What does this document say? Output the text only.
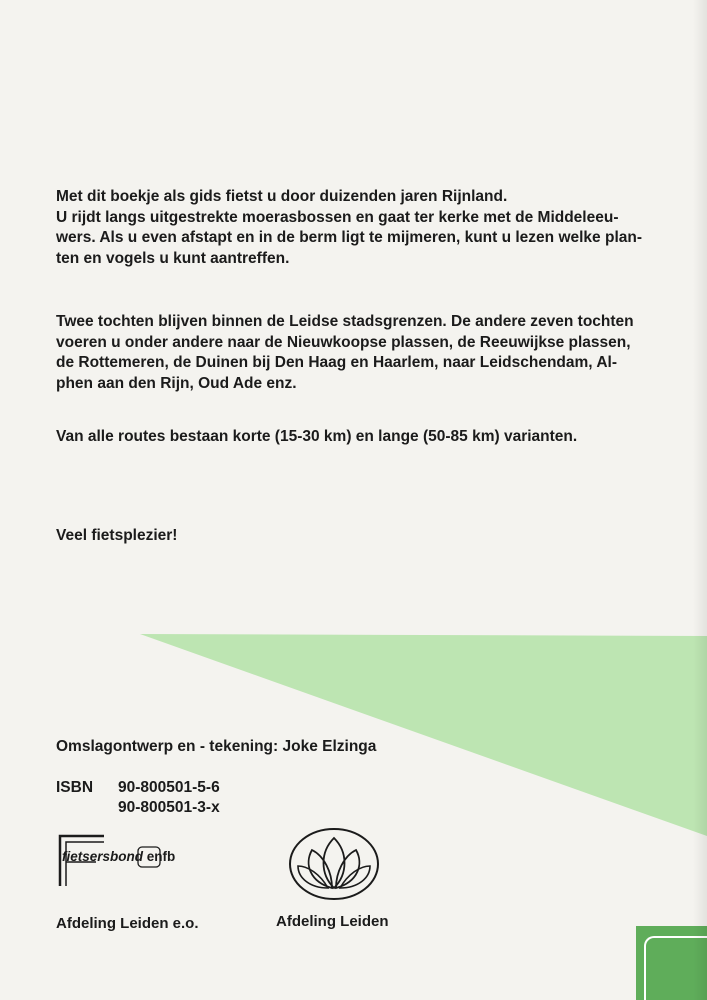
Met dit boekje als gids fietst u door duizenden jaren Rijnland.

U rijdt langs uitgestrekte moerasbossen en gaat ter kerke met de Middeleeu-

wers. Als u even afstapt en in de berm ligt te mijmeren, kunt u lezen welke plan-

ten en vogels u kunt aantreffen.

Twee tochten blijven binnen de Leidse stadsgrenzen. De andere zeven tochten

voeren u onder andere naar de Nieuwkoopse plassen, de Reeuwijkse plassen,

de Rottemeren, de Duinen bij Den Haag en Haarlem, naar Leidschendam, Al-

phen aan den Rijn, Oud Ade enz.

Van alle routes bestaan korte (15-30 km) en lange (50-85 km) varianten.

Veel fietsplezier!

Omslagontwerp en - tekening: Joke Elzinga
ISBN	90-800501-5-6
90-800501-3-x
fietsersbond enfb
Afdeling Leiden e.o.	Afdeling Leiden
